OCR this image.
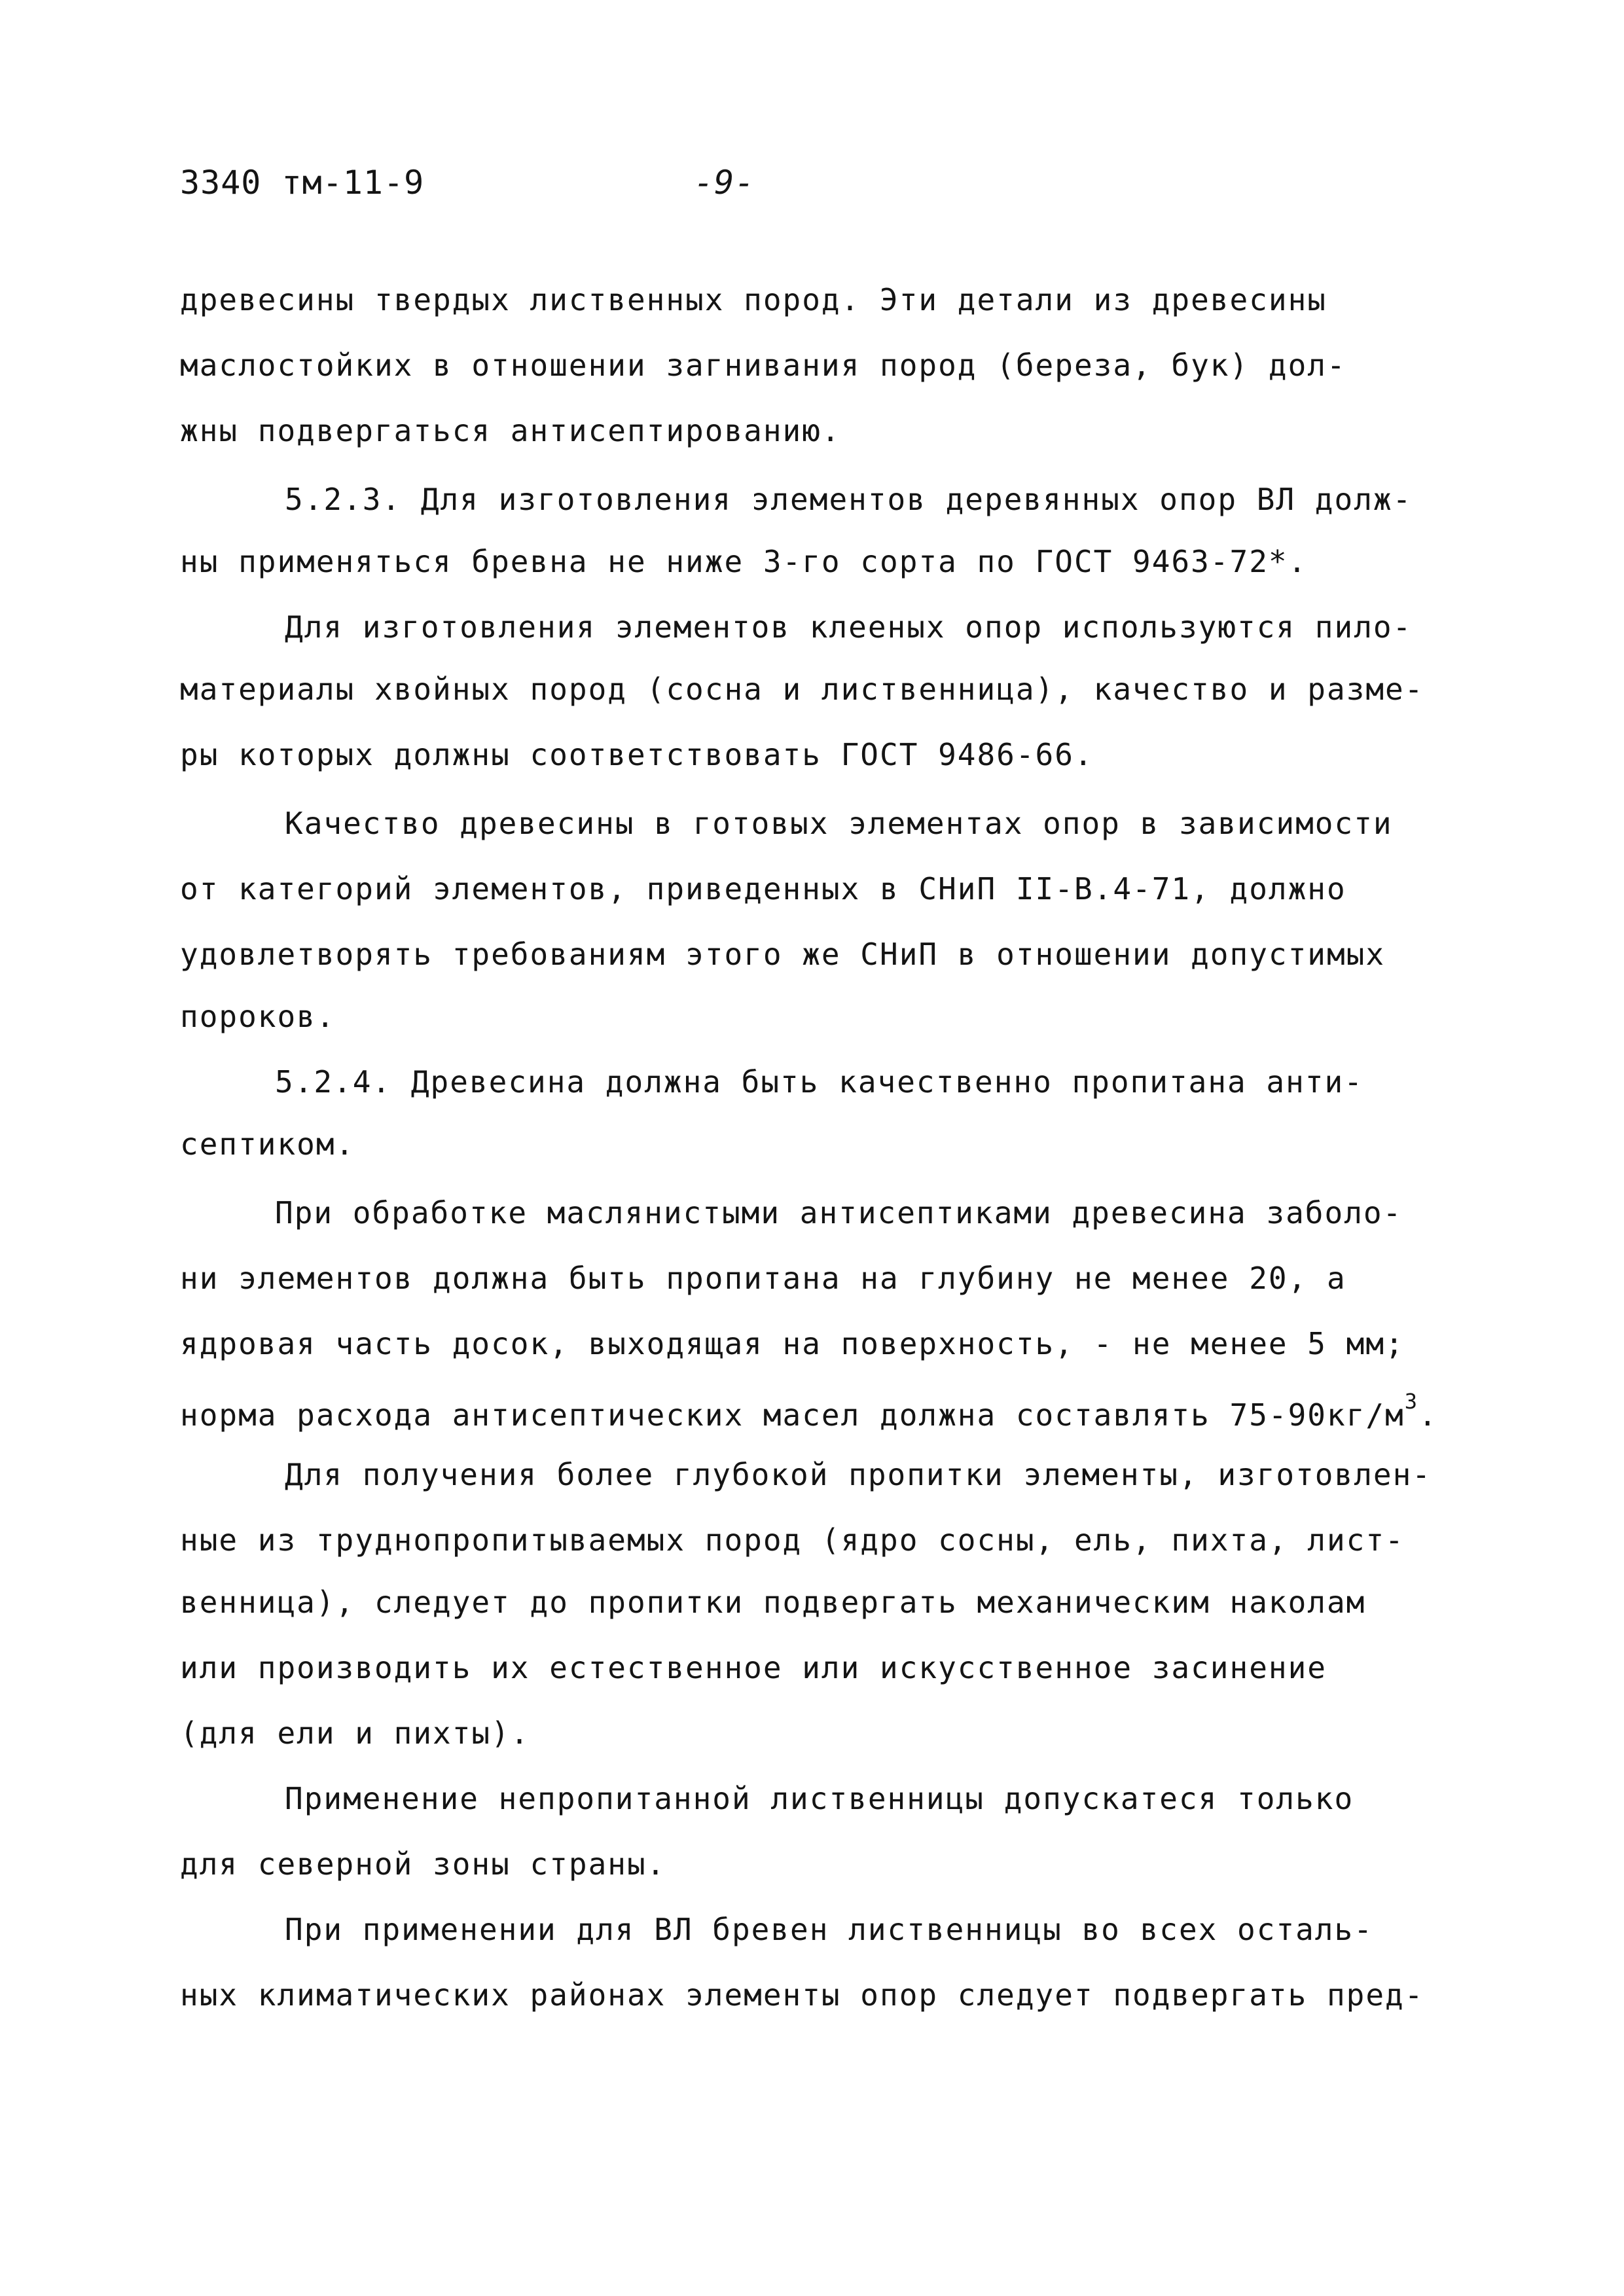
3340 тм-11-9	-9-
древесины твердых лиственных пород. Эти детали из древесины
маслостойких в отношении загнивания пород (береза, бук) дол-
жны подвергаться антисептированию.
5.2.3. Для изготовления элементов деревянных опор ВЛ долж-
ны применяться бревна не ниже 3-го сорта по ГОСТ 9463-72*.
Для изготовления элементов клееных опор используются пило-
материалы хвойных пород (сосна и лиственница), качество и разме-
ры которых должны соответствовать ГОСТ 9486-66.
Качество древесины в готовых элементах опор в зависимости
от категорий элементов, приведенных в СНиП II-В.4-71, должно
удовлетворять требованиям этого же СНиП в отношении допустимых
пороков.
5.2.4. Древесина должна быть качественно пропитана анти-
септиком.
При обработке маслянистыми антисептиками древесина заболо-
ни элементов должна быть пропитана на глубину не менее 20, а
ядровая часть досок, выходящая на поверхность, - не менее 5 мм;
норма расхода антисептических масел должна составлять $75-90кг/м^3$.
Для получения более глубокой пропитки элементы, изготовлен-
ные из труднопропитываемых пород (ядро сосны, ель, пихта, лист-
венница), следует до пропитки подвергать механическим наколам
или производить их естественное или искусственное засинение
(для ели и пихты).
Применение непропитанной лиственницы допускатеся только
для северной зоны страны.
При применении для ВЛ бревен лиственницы во всех осталь-
ных климатических районах элементы опор следует подвергать пред-
